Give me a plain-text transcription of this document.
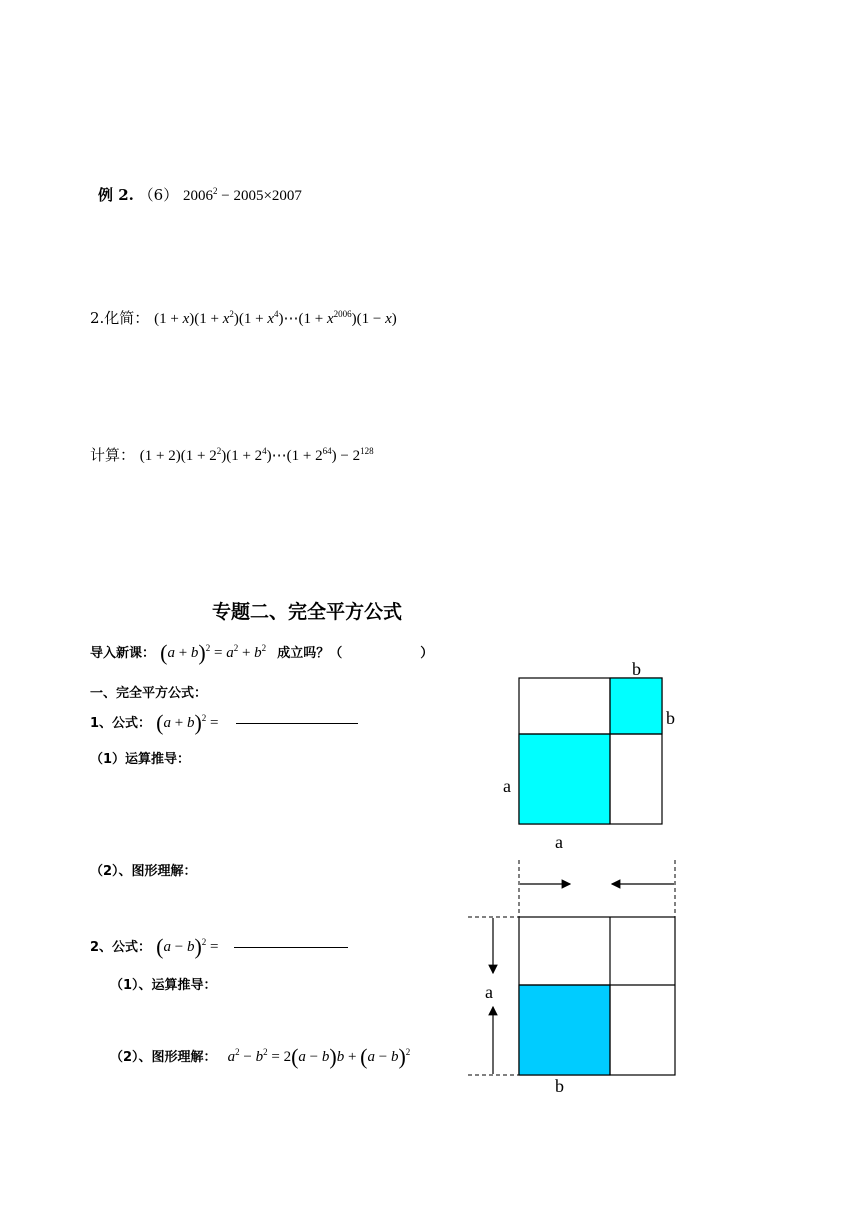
例 2. （6） $2006^2 - 2005\times 2007$
2.化简： $(1 + x)(1 + x^2)(1$ + $x^4)\cdots(1 + x^{2006})(1 - x)$
计算： $(1 + 2)(1 + 2^2)(1$ + $2^4)\cdots(1 + 2^{64}) - 2^{128}$
专题二、完全平方公式
导入新课： $(a + b)^2 = a^2 + b^2$ 成立吗？（	）
一、完全平方公式：
1、公式： $(a + b)^2$ =
（1）运算推导：
（2）、图形理解：
2、公式： $(a - b)^2$ =
（1）、运算推导：
（2）、图形理解： $a^2 - b^2 = 2(a - b)b + (a - b)^2$
b
b
a
a
a
b
